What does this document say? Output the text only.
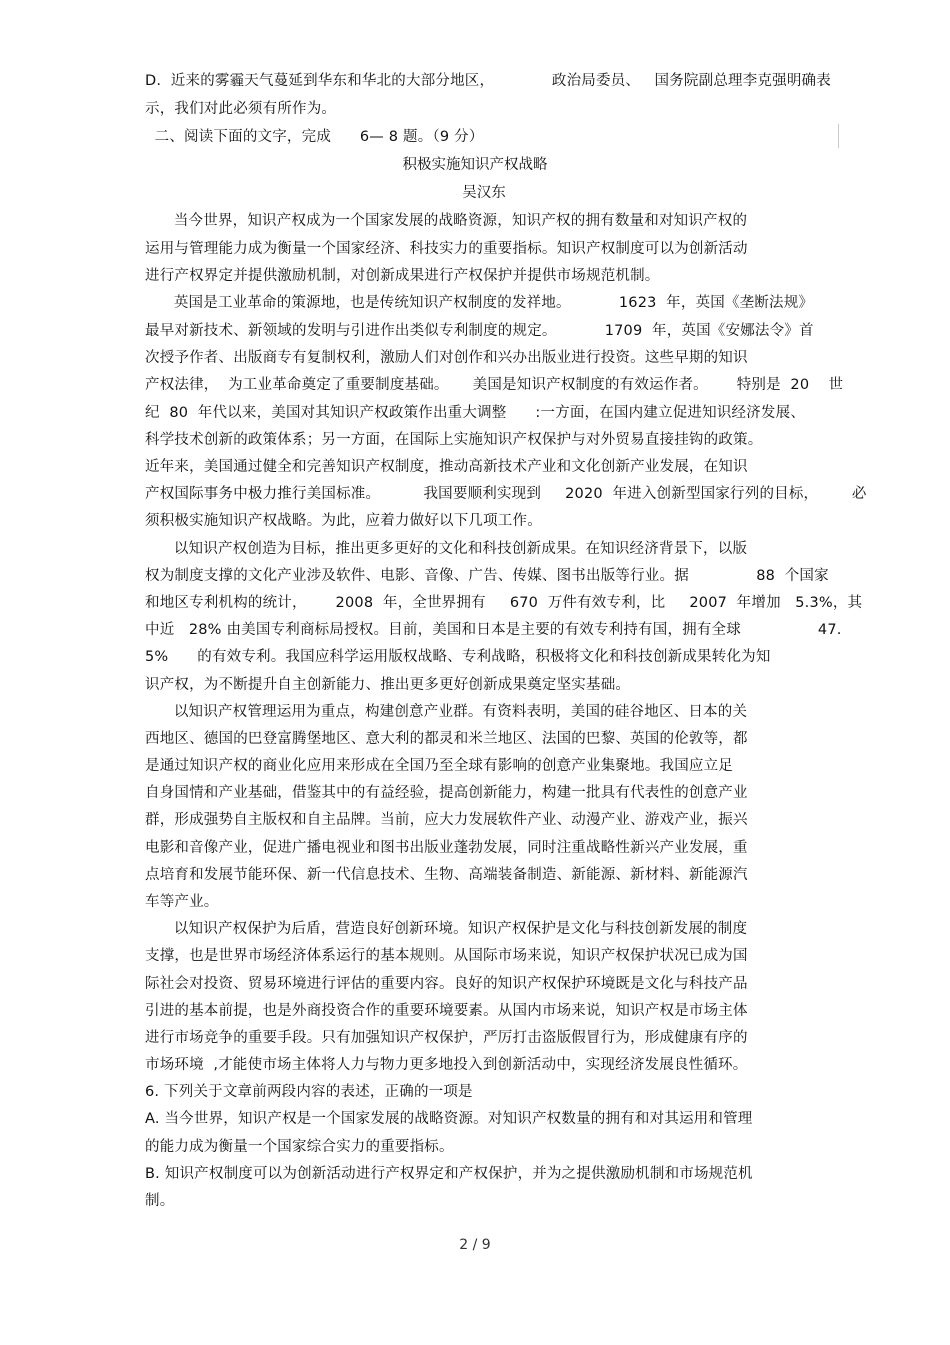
D.  近来的雾霾天气蔓延到华东和华北的大部分地区，            政治局委员、   国务院副总理李克强明确表
示，我们对此必须有所作为。
二、阅读下面的文字，完成      6— 8 题。（9 分）
积极实施知识产权战略
吴汉东
当今世界，知识产权成为一个国家发展的战略资源，知识产权的拥有数量和对知识产权的
运用与管理能力成为衡量一个国家经济、科技实力的重要指标。知识产权制度可以为创新活动
进行产权界定并提供激励机制，对创新成果进行产权保护并提供市场规范机制。
英国是工业革命的策源地，也是传统知识产权制度的发祥地。          1623  年，英国《垄断法规》
最早对新技术、新领域的发明与引进作出类似专利制度的规定。          1709  年，英国《安娜法令》首
次授予作者、出版商专有复制权利，激励人们对创作和兴办出版业进行投资。这些早期的知识
产权法律，  为工业革命奠定了重要制度基础。     美国是知识产权制度的有效运作者。      特别是  20    世
纪  80  年代以来，美国对其知识产权政策作出重大调整      :一方面，在国内建立促进知识经济发展、
科学技术创新的政策体系；另一方面，在国际上实施知识产权保护与对外贸易直接挂钩的政策。
近年来，美国通过健全和完善知识产权制度，推动高新技术产业和文化创新产业发展，在知识
产权国际事务中极力推行美国标准。         我国要顺利实现到     2020  年进入创新型国家行列的目标，       必
须积极实施知识产权战略。为此，应着力做好以下几项工作。
以知识产权创造为目标，推出更多更好的文化和科技创新成果。在知识经济背景下，以版
权为制度支撑的文化产业涉及软件、电影、音像、广告、传媒、图书出版等行业。据              88  个国家
和地区专利机构的统计，      2008  年，全世界拥有     670  万件有效专利，比     2007  年增加   5.3%，其
中近   28% 由美国专利商标局授权。目前，美国和日本是主要的有效专利持有国，拥有全球                47.
5%      的有效专利。我国应科学运用版权战略、专利战略，积极将文化和科技创新成果转化为知
识产权，为不断提升自主创新能力、推出更多更好创新成果奠定坚实基础。
以知识产权管理运用为重点，构建创意产业群。有资料表明，美国的硅谷地区、日本的关
西地区、德国的巴登富腾堡地区、意大利的都灵和米兰地区、法国的巴黎、英国的伦敦等，都
是通过知识产权的商业化应用来形成在全国乃至全球有影响的创意产业集聚地。我国应立足
自身国情和产业基础，借鉴其中的有益经验，提高创新能力，构建一批具有代表性的创意产业
群，形成强势自主版权和自主品牌。当前，应大力发展软件产业、动漫产业、游戏产业，振兴
电影和音像产业，促进广播电视业和图书出版业蓬勃发展，同时注重战略性新兴产业发展，重
点培育和发展节能环保、新一代信息技术、生物、高端装备制造、新能源、新材料、新能源汽
车等产业。
以知识产权保护为后盾，营造良好创新环境。知识产权保护是文化与科技创新发展的制度
支撑，也是世界市场经济体系运行的基本规则。从国际市场来说，知识产权保护状况已成为国
际社会对投资、贸易环境进行评估的重要内容。良好的知识产权保护环境既是文化与科技产品
引进的基本前提，也是外商投资合作的重要环境要素。从国内市场来说，知识产权是市场主体
进行市场竞争的重要手段。只有加强知识产权保护，严厉打击盗版假冒行为，形成健康有序的
市场环境  ,才能使市场主体将人力与物力更多地投入到创新活动中，实现经济发展良性循环。
6. 下列关于文章前两段内容的表述，正确的一项是
A. 当今世界，知识产权是一个国家发展的战略资源。对知识产权数量的拥有和对其运用和管理
的能力成为衡量一个国家综合实力的重要指标。
B. 知识产权制度可以为创新活动进行产权界定和产权保护，并为之提供激励机制和市场规范机
制。
2 / 9
